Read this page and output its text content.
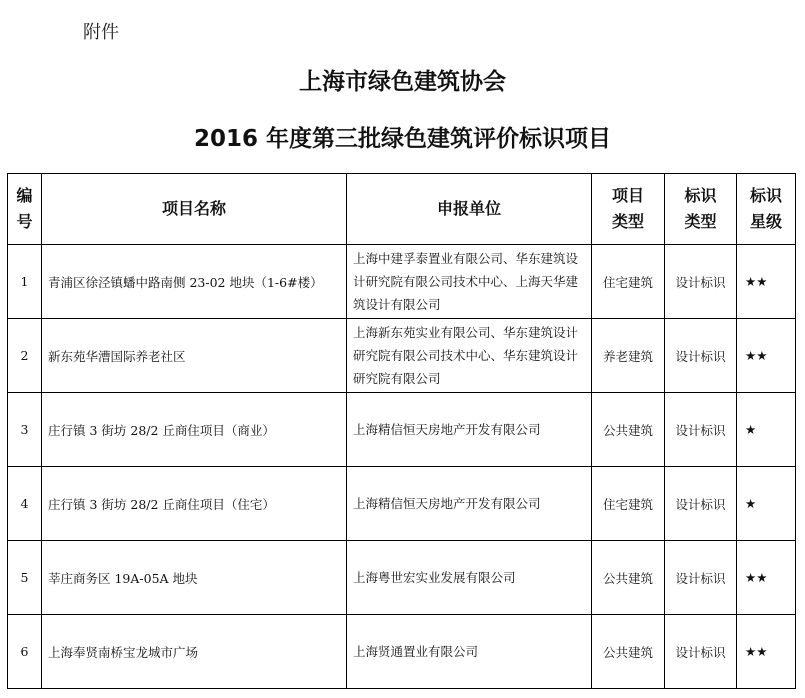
附件
上海市绿色建筑协会
2016 年度第三批绿色建筑评价标识项目
编号	项目名称	申报单位	项目类型	标识类型	标识星级
1	青浦区徐泾镇蟠中路南侧 23-02 地块（1-6#楼）	上海中建孚泰置业有限公司、华东建筑设计研究院有限公司技术中心、上海天华建筑设计有限公司	住宅建筑	设计标识	★★
2	新东苑华漕国际养老社区	上海新东苑实业有限公司、华东建筑设计研究院有限公司技术中心、华东建筑设计研究院有限公司	养老建筑	设计标识	★★
3	庄行镇 3 街坊 28/2 丘商住项目（商业）	上海精信恒天房地产开发有限公司	公共建筑	设计标识	★
4	庄行镇 3 街坊 28/2 丘商住项目（住宅）	上海精信恒天房地产开发有限公司	住宅建筑	设计标识	★
5	莘庄商务区 19A-05A 地块	上海粤世宏实业发展有限公司	公共建筑	设计标识	★★
6	上海奉贤南桥宝龙城市广场	上海贤通置业有限公司	公共建筑	设计标识	★★
